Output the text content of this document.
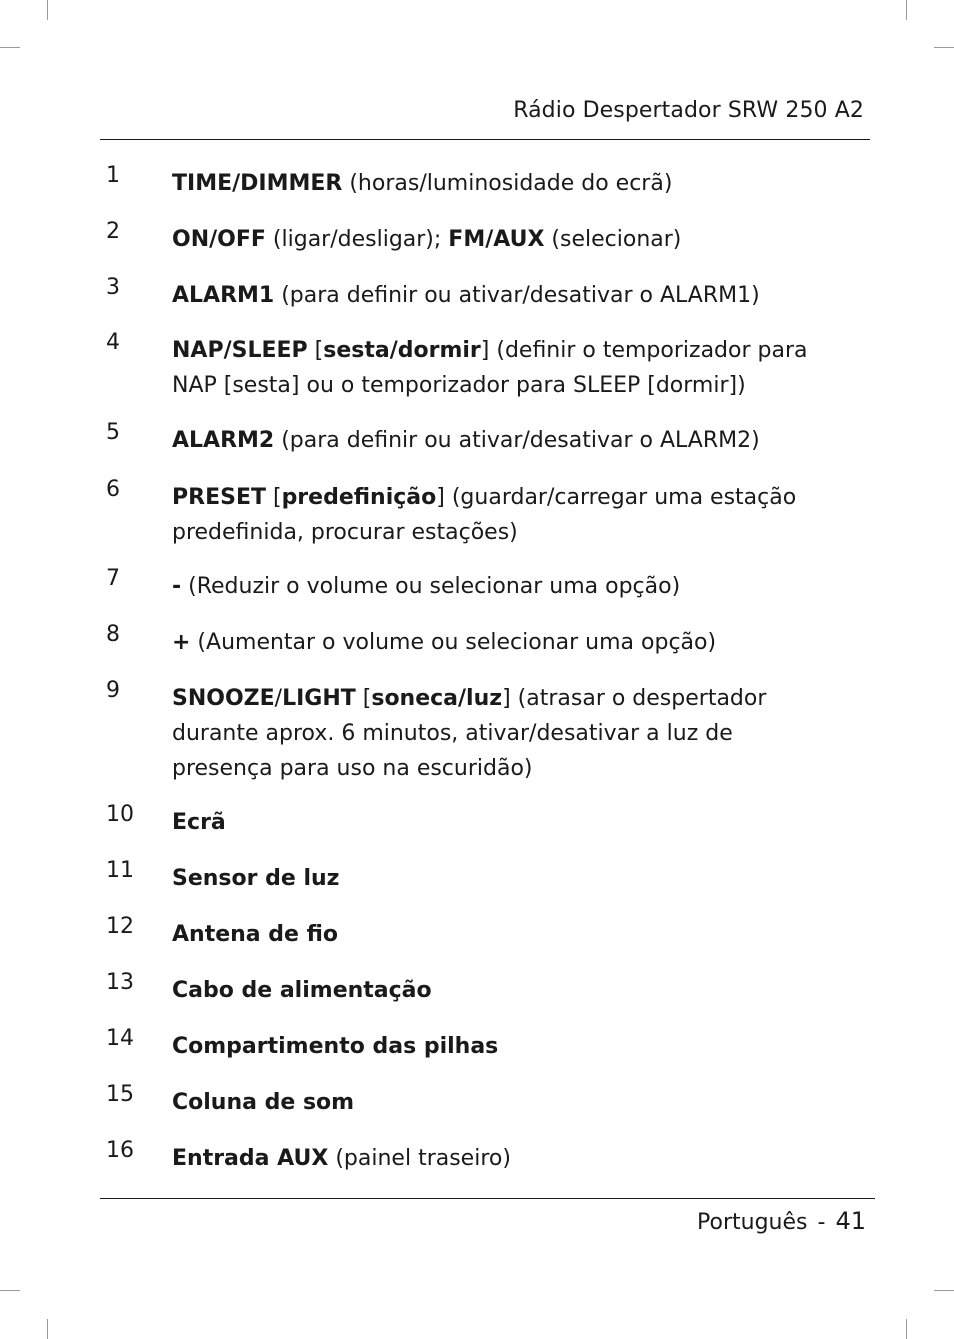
Rádio Despertador SRW 250 A2
1 TIME/DIMMER (horas/luminosidade do ecrã)
2 ON/OFF (ligar/desligar); FM/AUX (selecionar)
3 ALARM1 (para definir ou ativar/desativar o ALARM1)
4 NAP/SLEEP [sesta/dormir] (definir o temporizador para NAP [sesta] ou o temporizador para SLEEP [dormir])
5 ALARM2 (para definir ou ativar/desativar o ALARM2)
6 PRESET [predefinição] (guardar/carregar uma estação predefinida, procurar estações)
7 - (Reduzir o volume ou selecionar uma opção)
8 + (Aumentar o volume ou selecionar uma opção)
9 SNOOZE/LIGHT [soneca/luz] (atrasar o despertador durante aprox. 6 minutos, ativar/desativar a luz de presença para uso na escuridão)
10 Ecrã
11 Sensor de luz
12 Antena de fio
13 Cabo de alimentação
14 Compartimento das pilhas
15 Coluna de som
16 Entrada AUX (painel traseiro)
Português - 41
